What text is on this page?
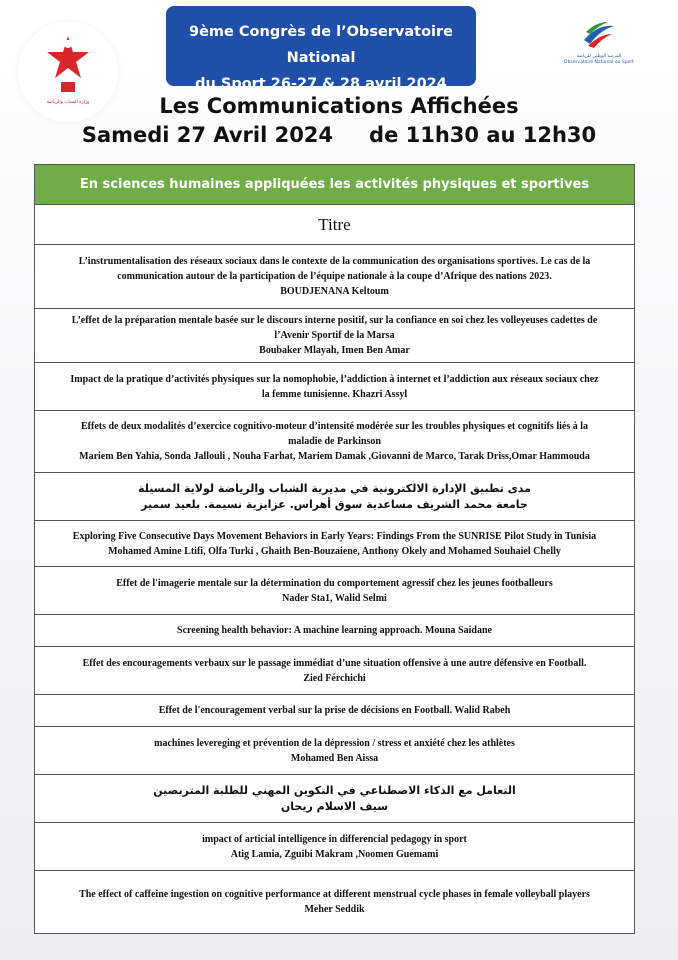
9ème Congrès de l’Observatoire National
du Sport 26-27 & 28 avril 2024
وزارة الشباب والرياضة
المرصد الوطني للرياضة Observatoire National du Sport
Les Communications Affichées
Samedi 27 Avril 2024 de 11h30 au 12h30
En sciences humaines appliquées les activités physiques et sportives
Titre
L’instrumentalisation des réseaux sociaux dans le contexte de la communication des organisations sportives. Le cas de la
communication autour de la participation de l’équipe nationale à la coupe d’Afrique des nations 2023.
BOUDJENANA Keltoum
L’effet de la préparation mentale basée sur le discours interne positif, sur la confiance en soi chez les volleyeuses cadettes de
l’Avenir Sportif de la Marsa
Boubaker Mlayah, Imen Ben Amar
Impact de la pratique d’activités physiques sur la nomophobie, l’addiction à internet et l’addiction aux réseaux sociaux chez
la femme tunisienne. Khazri Assyl
Effets de deux modalités d’exercice cognitivo-moteur d’intensité modérée sur les troubles physiques et cognitifs liés à la
maladie de Parkinson
Mariem Ben Yahia, Sonda Jallouli , Nouha Farhat, Mariem Damak ,Giovanni de Marco, Tarak Driss,Omar Hammouda
مدى تطبيق الإدارة الالكترونية في مديرية الشباب والرياضة لولاية المسيلة
جامعة محمد الشريف مساعدية سوق أهراس. عزايزية نسيمة. بلعيد سمير
Exploring Five Consecutive Days Movement Behaviors in Early Years: Findings From the SUNRISE Pilot Study in Tunisia
Mohamed Amine Ltifi, Olfa Turki , Ghaith Ben-Bouzaiene, Anthony Okely and Mohamed Souhaiel Chelly
Effet de l'imagerie mentale sur la détermination du comportement agressif chez les jeunes footballeurs
Nader Sta1, Walid Selmi
Screening health behavior: A machine learning approach. Mouna Saidane
Effet des encouragements verbaux sur le passage immédiat d’une situation offensive à une autre défensive en Football.
Zied Férchichi
Effet de l'encouragement verbal sur la prise de décisions en Football. Walid Rabeh
machines levereging et prévention de la dépression / stress et anxiété chez les athlètes
Mohamed Ben Aissa
التعامل مع الذكاء الاصطناعي في التكوين المهني للطلبة المتربصين
سيف الاسلام ريحان
impact of articial intelligence in differencial pedagogy in sport
Atig Lamia, Zguibi Makram ,Noomen Guemami
The effect of caffeine ingestion on cognitive performance at different menstrual cycle phases in female volleyball players
Meher Seddik
